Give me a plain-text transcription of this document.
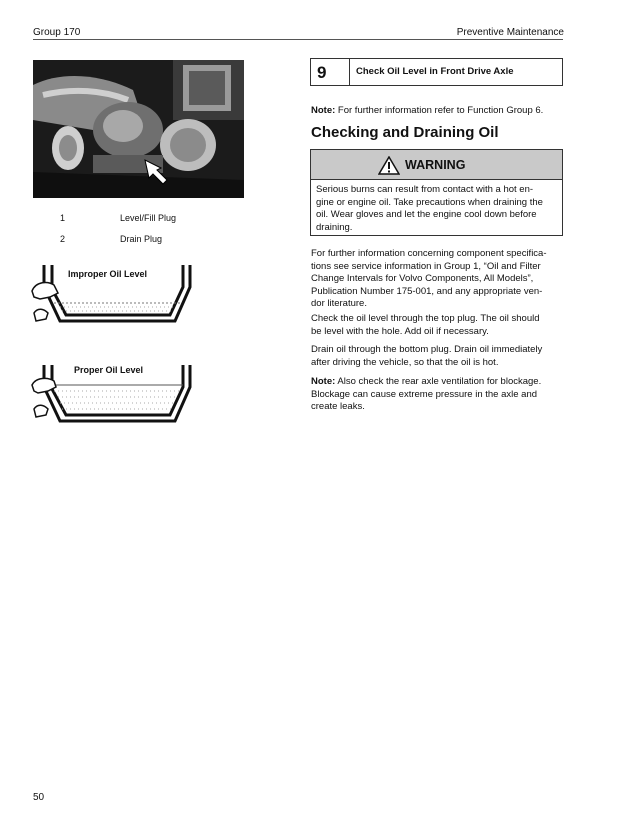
Group 170	Preventive Maintenance
1	Level/Fill Plug
2	Drain Plug
Improper Oil Level
Proper Oil Level
9	Check Oil Level in Front Drive Axle
Note: For further information refer to Function Group 6.
Checking and Draining Oil
WARNING
Serious burns can result from contact with a hot en-
gine or engine oil. Take precautions when draining the
oil. Wear gloves and let the engine cool down before
draining.
For further information concerning component specifica-
tions see service information in Group 1, “Oil and Filter
Change Intervals for Volvo Components, All Models”,
Publication Number 175-001, and any appropriate ven-
dor literature.
Check the oil level through the top plug. The oil should
be level with the hole. Add oil if necessary.
Drain oil through the bottom plug. Drain oil immediately
after driving the vehicle, so that the oil is hot.
Note: Also check the rear axle ventilation for blockage.
Blockage can cause extreme pressure in the axle and
create leaks.
50
